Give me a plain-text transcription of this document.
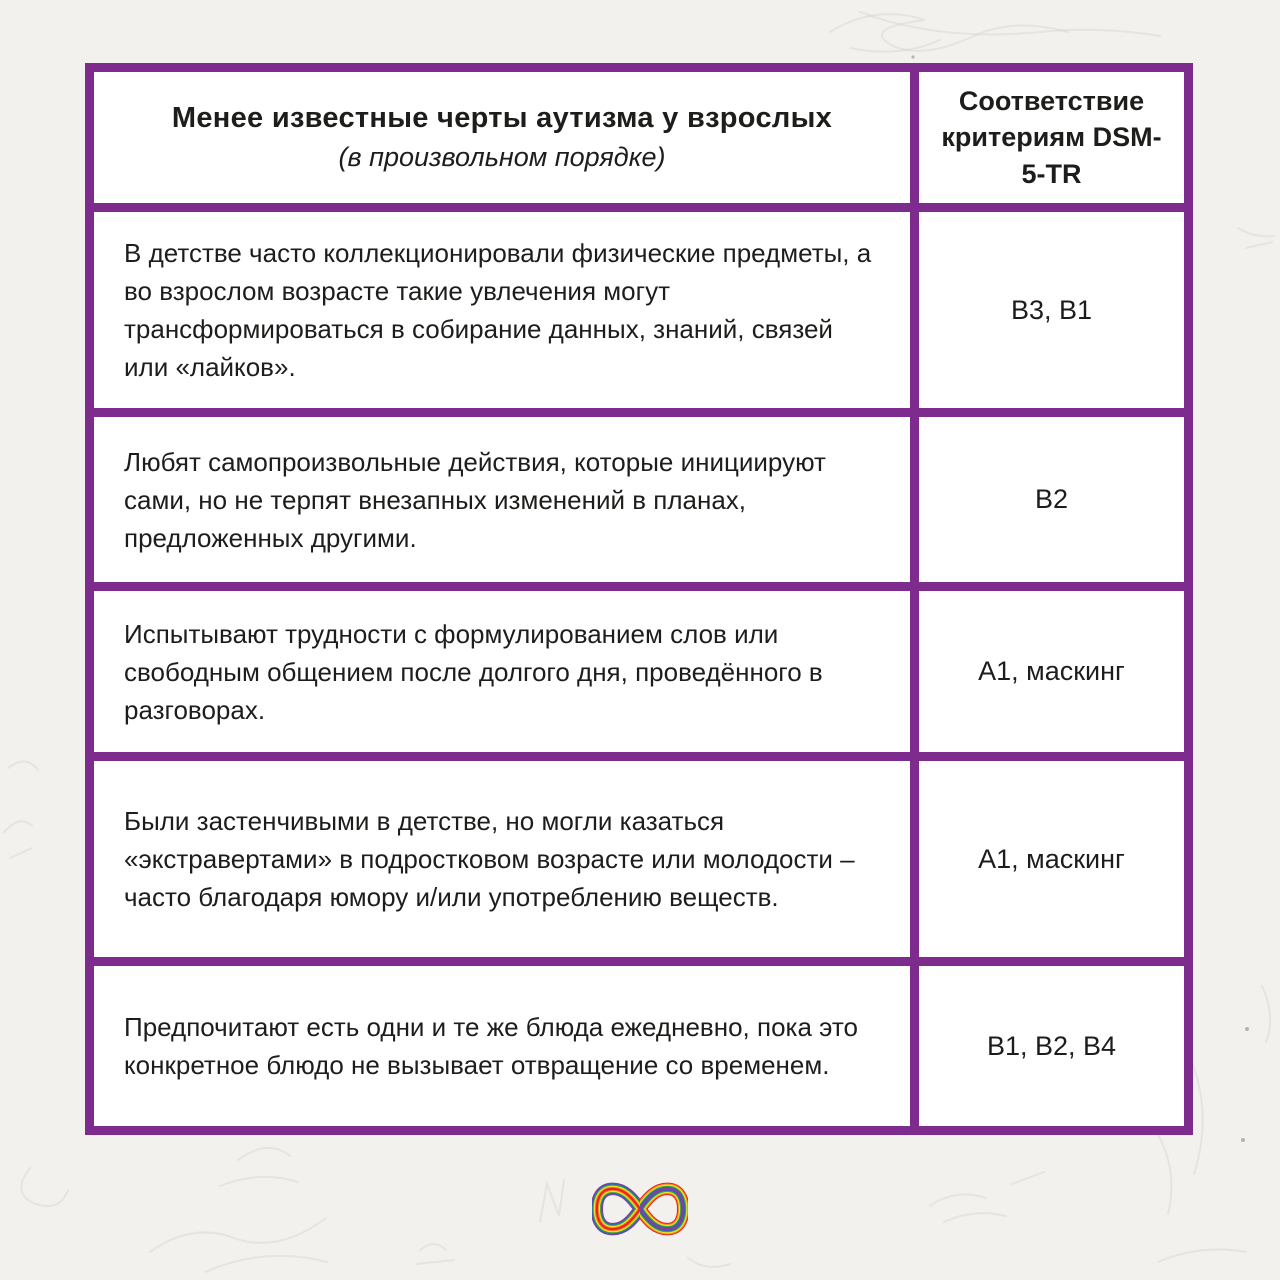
Менее известные черты аутизма у взрослых
(в произвольном порядке)
Соответствие критериям DSM-5-TR
В детстве часто коллекционировали физические предметы, а во взрослом возрасте такие увлечения могут трансформироваться в собирание данных, знаний, связей или «лайков».
B3, B1
Любят самопроизвольные действия, которые инициируют сами, но не терпят внезапных изменений в планах, предложенных другими.
B2
Испытывают трудности с формулированием слов или свободным общением после долгого дня, проведённого в разговорах.
A1, маскинг
Были застенчивыми в детстве, но могли казаться «экстравертами» в подростковом возрасте или молодости – часто благодаря юмору и/или употреблению веществ.
A1, маскинг
Предпочитают есть одни и те же блюда ежедневно, пока это конкретное блюдо не вызывает отвращение со временем.
B1, B2, B4
